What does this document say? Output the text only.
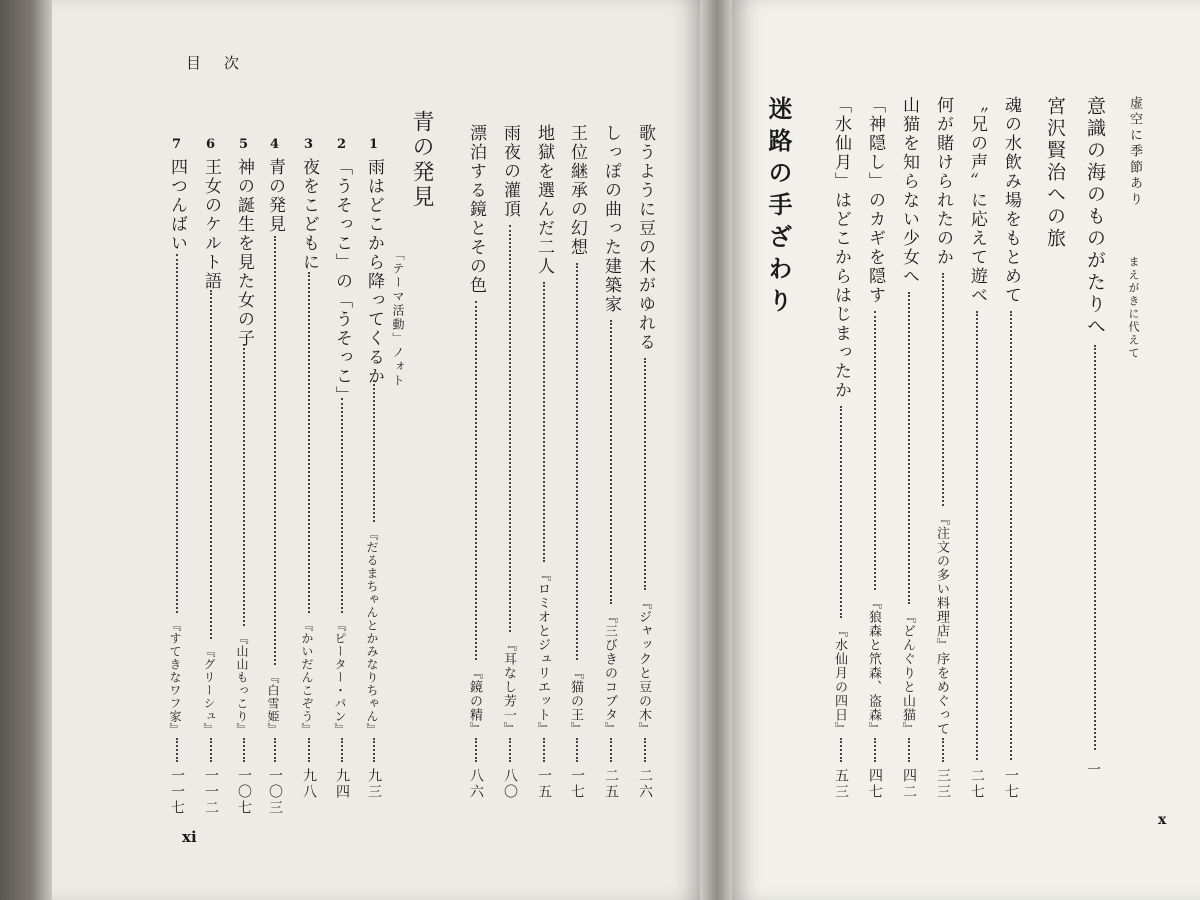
目　次
xi
青の発見
「テーマ活動」ノォト
虚空に季節あり
まえがきに代えて
意識の海のものがたりへ
一
宮沢賢治への旅
迷路の手ざわり
x
歌うように豆の木がゆれる
『ジャックと豆の木』
二六
しっぽの曲った建築家
『三びきのコブタ』
二五
王位継承の幻想
『猫の王』
一七
地獄を選んだ二人
『ロミオとジュリエット』
一五
雨夜の灌頂
『耳なし芳一』
八〇
漂泊する鏡とその色
『鏡の精』
八六
1
雨はどこから降ってくるか
『だるまちゃんとかみなりちゃん』
九三
2
「うそっこ」の「うそっこ」
『ピーター・パン』
九四
3
夜をこどもに
『かいだんこぞう』
九八
4
青の発見
『白雪姫』
一〇三
5
神の誕生を見た女の子
『山山もっこり』
一〇七
6
王女のケルト語
『グリーシュ』
一一二
7
四つんばい
『すてきなワフ家』
一一七
魂の水飲み場をもとめて
一七
〝兄の声〟に応えて遊べ
二七
何が賭けられたのか
『注文の多い料理店』序をめぐって
三三
山猫を知らない少女へ
『どんぐりと山猫』
四二
「神隠し」のカギを隠す
『狼森と笊森、盗森』
四七
「水仙月」はどこからはじまったか
『水仙月の四日』
五三
